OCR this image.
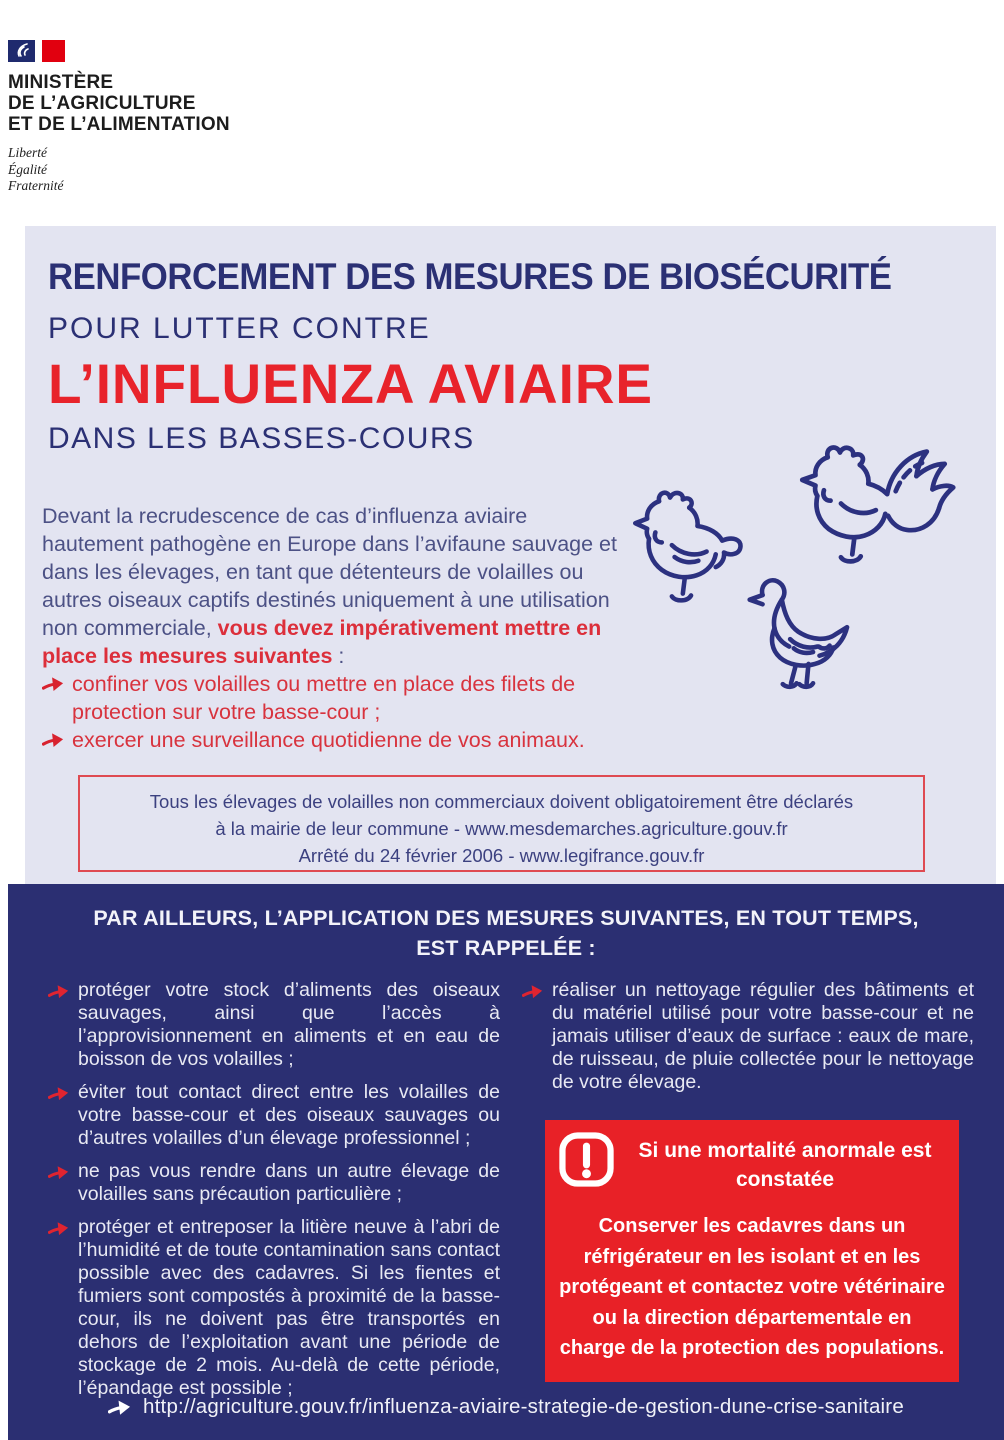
MINISTÈRE
DE L’AGRICULTURE
ET DE L’ALIMENTATION
Liberté
Égalité
Fraternité
RENFORCEMENT DES MESURES DE BIOSÉCURITÉ
POUR LUTTER CONTRE
L’INFLUENZA AVIAIRE
DANS LES BASSES-COURS
Devant la recrudescence de cas d’influenza aviaire hautement pathogène en Europe dans l’avifaune sauvage et dans les élevages, en tant que détenteurs de volailles ou autres oiseaux captifs destinés uniquement à une utilisation non commerciale, vous devez impérativement mettre en place les mesures suivantes :
confiner vos volailles ou mettre en place des filets de protection sur votre basse-cour ;
exercer une surveillance quotidienne de vos animaux.
Tous les élevages de volailles non commerciaux doivent obligatoirement être déclarés
à la mairie de leur commune - www.mesdemarches.agriculture.gouv.fr
Arrêté du 24 février 2006 - www.legifrance.gouv.fr
PAR AILLEURS, L’APPLICATION DES MESURES SUIVANTES, EN TOUT TEMPS, EST RAPPELÉE :

protéger votre stock d’aliments des oiseaux sauvages, ainsi que l’accès à l’approvisionnement en aliments et en eau de boisson de vos volailles ;

éviter tout contact direct entre les volailles de votre basse-cour et des oiseaux sauvages ou d’autres volailles d’un élevage professionnel ;

ne pas vous rendre dans un autre élevage de volailles sans précaution particulière ;

protéger et entreposer la litière neuve à l’abri de l’humidité et de toute contamination sans contact possible avec des cadavres. Si les fientes et fumiers sont compostés à proximité de la basse-cour, ils ne doivent pas être transportés en dehors de l’exploitation avant une période de stockage de 2 mois. Au-delà de cette période, l’épandage est possible ;

réaliser un nettoyage régulier des bâtiments et du matériel utilisé pour votre basse-cour et ne jamais utiliser d’eaux de surface : eaux de mare, de ruisseau, de pluie collectée pour le nettoyage de votre élevage.

Si une mortalité anormale est constatée
Conserver les cadavres dans un réfrigérateur en les isolant et en les protégeant et contactez votre vétérinaire ou la direction départementale en charge de la protection des populations.
http://agriculture.gouv.fr/influenza-aviaire-strategie-de-gestion-dune-crise-sanitaire
